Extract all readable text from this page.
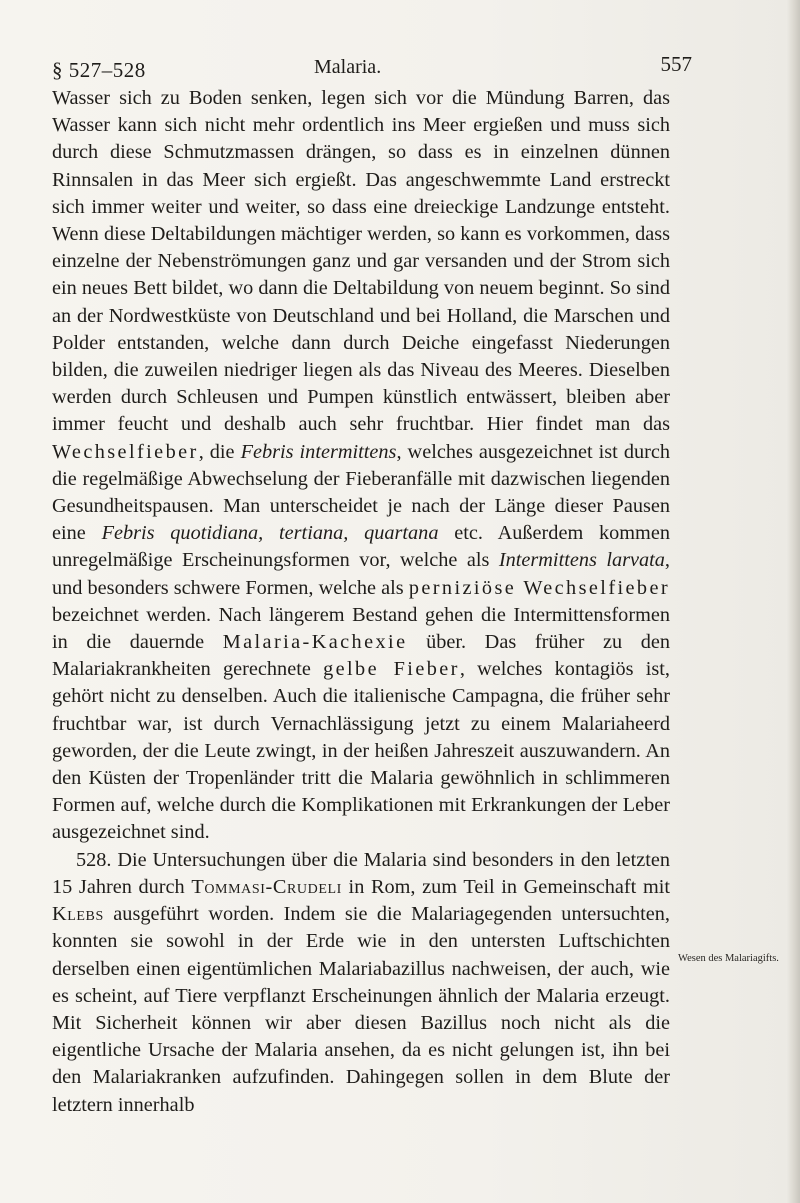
§ 527–528	Malaria.	557

Wasser sich zu Boden senken, legen sich vor die Mündung Barren, das Wasser kann sich nicht mehr ordentlich ins Meer ergießen und muss sich durch diese Schmutzmassen drängen, so dass es in einzelnen dünnen Rinnsalen in das Meer sich ergießt. Das angeschwemmte Land erstreckt sich immer weiter und weiter, so dass eine dreieckige Landzunge entsteht. Wenn diese Deltabildungen mächtiger werden, so kann es vorkommen, dass einzelne der Nebenströmungen ganz und gar versanden und der Strom sich ein neues Bett bildet, wo dann die Deltabildung von neuem beginnt. So sind an der Nordwestküste von Deutschland und bei Holland, die Marschen und Polder entstanden, welche dann durch Deiche eingefasst Niederungen bilden, die zuweilen niedriger liegen als das Niveau des Meeres. Dieselben werden durch Schleusen und Pumpen künstlich entwässert, bleiben aber immer feucht und deshalb auch sehr fruchtbar. Hier findet man das Wechselfieber, die Febris intermittens, welches ausgezeichnet ist durch die regelmäßige Abwechselung der Fieberanfälle mit dazwischen liegenden Gesundheitspausen. Man unterscheidet je nach der Länge dieser Pausen eine Febris quotidiana, tertiana, quartana etc. Außerdem kommen unregelmäßige Erscheinungsformen vor, welche als Intermittens larvata, und besonders schwere Formen, welche als perniziöse Wechselfieber bezeichnet werden. Nach längerem Bestand gehen die Intermittensformen in die dauernde Malaria-Kachexie über. Das früher zu den Malariakrankheiten gerechnete gelbe Fieber, welches kontagiös ist, gehört nicht zu denselben. Auch die italienische Campagna, die früher sehr fruchtbar war, ist durch Vernachlässigung jetzt zu einem Malariaheerd geworden, der die Leute zwingt, in der heißen Jahreszeit auszuwandern. An den Küsten der Tropenländer tritt die Malaria gewöhnlich in schlimmeren Formen auf, welche durch die Komplikationen mit Erkrankungen der Leber ausgezeichnet sind.

528. Die Untersuchungen über die Malaria sind besonders in den letzten 15 Jahren durch Tommasi-Crudeli in Rom, zum Teil in Gemeinschaft mit Klebs ausgeführt worden. Indem sie die Malariagegenden untersuchten, konnten sie sowohl in der Erde wie in den untersten Luftschichten derselben einen eigentümlichen Malariabazillus nachweisen, der auch, wie es scheint, auf Tiere verpflanzt Erscheinungen ähnlich der Malaria erzeugt. Mit Sicherheit können wir aber diesen Bazillus noch nicht als die eigentliche Ursache der Malaria ansehen, da es nicht gelungen ist, ihn bei den Malariakranken aufzufinden. Dahingegen sollen in dem Blute der letztern innerhalb

Wesen des Malariagifts.
